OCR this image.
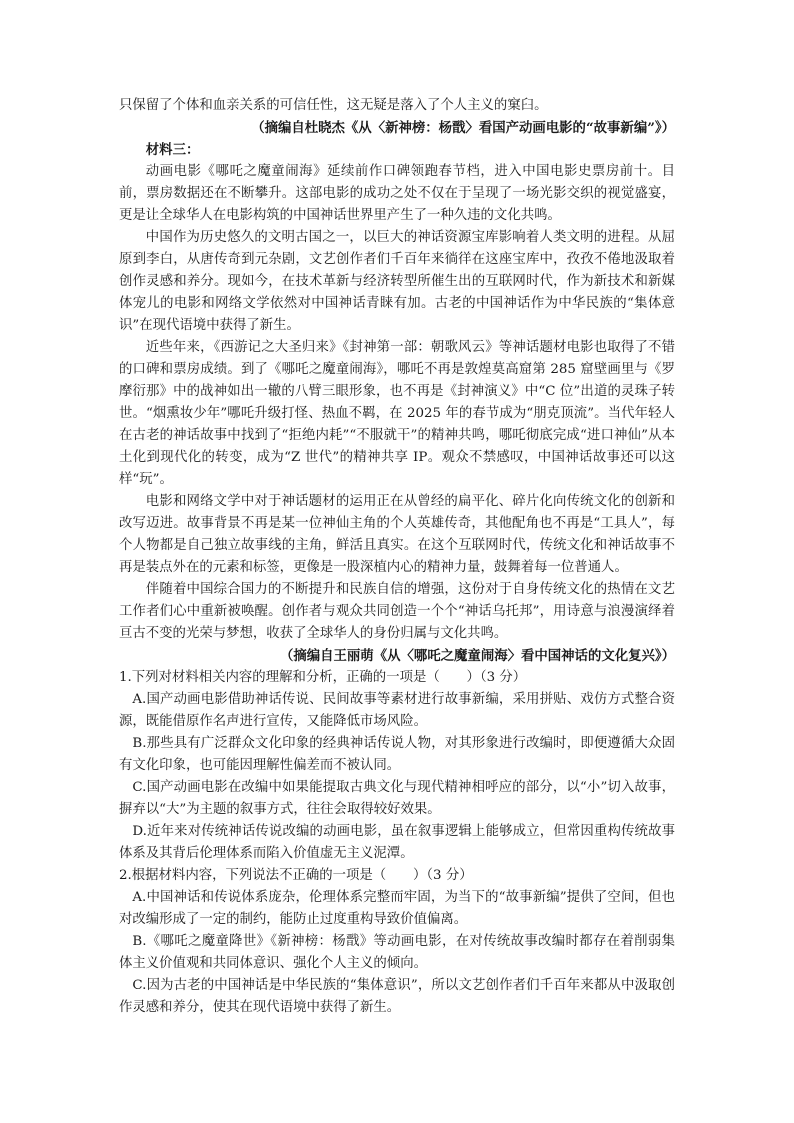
只保留了个体和血亲关系的可信任性，这无疑是落入了个人主义的窠臼。

（摘编自杜晓杰《从〈新神榜：杨戬〉看国产动画电影的“故事新编”》）

材料三：

动画电影《哪吒之魔童闹海》延续前作口碑领跑春节档，进入中国电影史票房前十。目前，票房数据还在不断攀升。这部电影的成功之处不仅在于呈现了一场光影交织的视觉盛宴，更是让全球华人在电影构筑的中国神话世界里产生了一种久违的文化共鸣。

中国作为历史悠久的文明古国之一，以巨大的神话资源宝库影响着人类文明的进程。从屈原到李白，从唐传奇到元杂剧，文艺创作者们千百年来徜徉在这座宝库中，孜孜不倦地汲取着创作灵感和养分。现如今，在技术革新与经济转型所催生出的互联网时代，作为新技术和新媒体宠儿的电影和网络文学依然对中国神话青睐有加。古老的中国神话作为中华民族的“集体意识”在现代语境中获得了新生。

近些年来，《西游记之大圣归来》《封神第一部：朝歌风云》等神话题材电影也取得了不错的口碑和票房成绩。到了《哪吒之魔童闹海》，哪吒不再是敦煌莫高窟第 285 窟壁画里与《罗摩衍那》中的战神如出一辙的八臂三眼形象，也不再是《封神演义》中“C 位”出道的灵珠子转世。“烟熏妆少年”哪吒升级打怪、热血不羁，在 2025 年的春节成为“朋克顶流”。当代年轻人在古老的神话故事中找到了“拒绝内耗”“不服就干”的精神共鸣，哪吒彻底完成“进口神仙”从本土化到现代化的转变，成为“Z 世代”的精神共享 IP。观众不禁感叹，中国神话故事还可以这样“玩”。

电影和网络文学中对于神话题材的运用正在从曾经的扁平化、碎片化向传统文化的创新和改写迈进。故事背景不再是某一位神仙主角的个人英雄传奇，其他配角也不再是“工具人”，每个人物都是自己独立故事线的主角，鲜活且真实。在这个互联网时代，传统文化和神话故事不再是装点外在的元素和标签，更像是一股深植内心的精神力量，鼓舞着每一位普通人。

伴随着中国综合国力的不断提升和民族自信的增强，这份对于自身传统文化的热情在文艺工作者们心中重新被唤醒。创作者与观众共同创造一个个“神话乌托邦”，用诗意与浪漫演绎着亘古不变的光荣与梦想，收获了全球华人的身份归属与文化共鸣。

（摘编自王丽萌《从〈哪吒之魔童闹海〉看中国神话的文化复兴》）

1.下列对材料相关内容的理解和分析，正确的一项是（　　）（3 分）

A.国产动画电影借助神话传说、民间故事等素材进行故事新编，采用拼贴、戏仿方式整合资源，既能借原作名声进行宣传，又能降低市场风险。

B.那些具有广泛群众文化印象的经典神话传说人物，对其形象进行改编时，即便遵循大众固有文化印象，也可能因理解性偏差而不被认同。

C.国产动画电影在改编中如果能提取古典文化与现代精神相呼应的部分，以“小”切入故事，摒弃以“大”为主题的叙事方式，往往会取得较好效果。

D.近年来对传统神话传说改编的动画电影，虽在叙事逻辑上能够成立，但常因重构传统故事体系及其背后伦理体系而陷入价值虚无主义泥潭。

2.根据材料内容，下列说法不正确的一项是（　　）（3 分）

A.中国神话和传说体系庞杂，伦理体系完整而牢固，为当下的“故事新编”提供了空间，但也对改编形成了一定的制约，能防止过度重构导致价值偏离。

B.《哪吒之魔童降世》《新神榜：杨戬》等动画电影，在对传统故事改编时都存在着削弱集体主义价值观和共同体意识、强化个人主义的倾向。

C.因为古老的中国神话是中华民族的“集体意识”，所以文艺创作者们千百年来都从中汲取创作灵感和养分，使其在现代语境中获得了新生。
